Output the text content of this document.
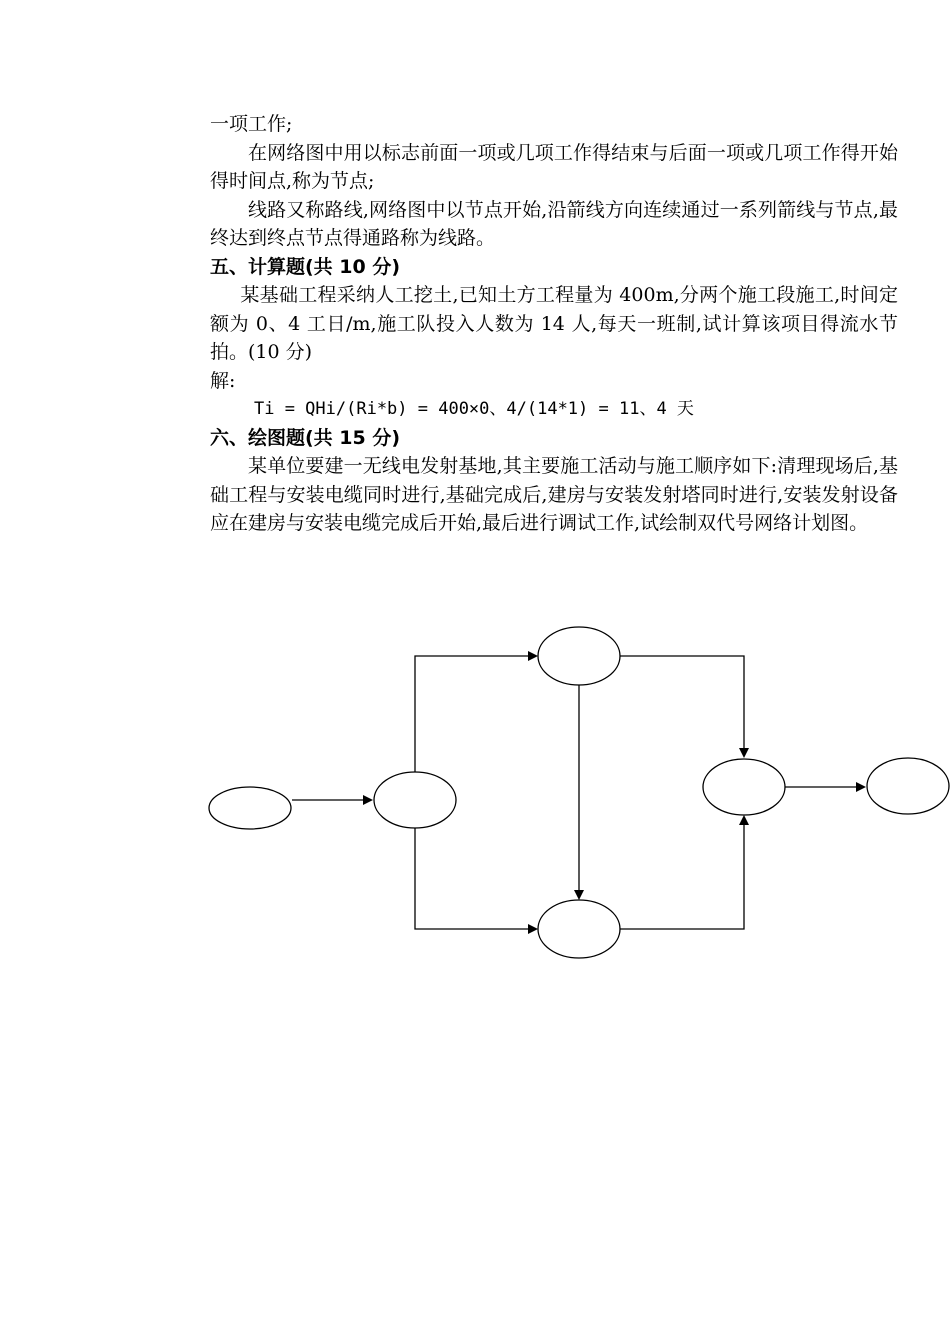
一项工作;

在网络图中用以标志前面一项或几项工作得结束与后面一项或几项工作得开始得时间点,称为节点;

线路又称路线,网络图中以节点开始,沿箭线方向连续通过一系列箭线与节点,最终达到终点节点得通路称为线路。

五、计算题(共 10 分)

某基础工程采纳人工挖土,已知土方工程量为 400m,分两个施工段施工,时间定额为 0、4 工日/m,施工队投入人数为 14 人,每天一班制,试计算该项目得流水节拍。(10 分)

解:

Ti = QHi/(Ri*b) = 400×0、4/(14*1) = 11、4 天

六、绘图题(共 15 分)

某单位要建一无线电发射基地,其主要施工活动与施工顺序如下:清理现场后,基础工程与安装电缆同时进行,基础完成后,建房与安装发射塔同时进行,安装发射设备应在建房与安装电缆完成后开始,最后进行调试工作,试绘制双代号网络计划图。
